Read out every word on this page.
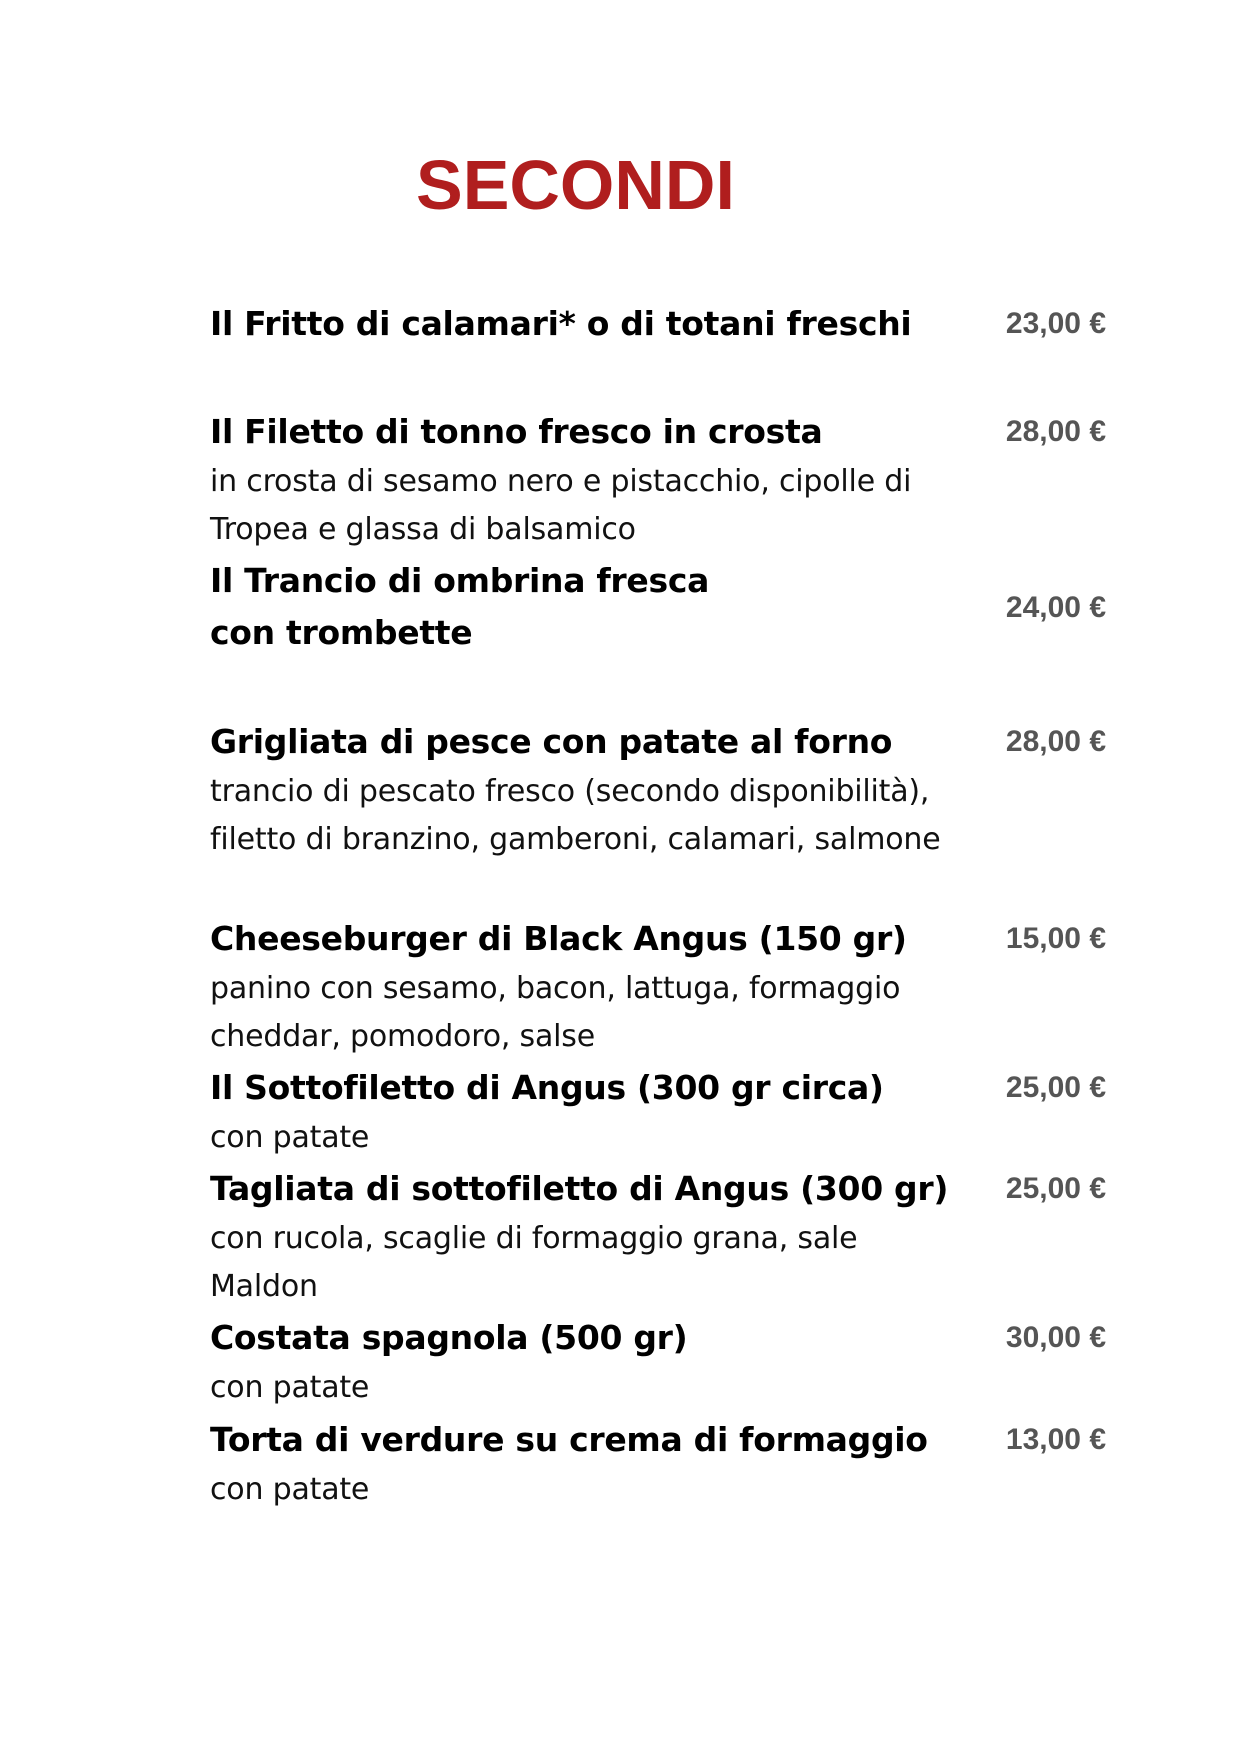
SECONDI
Il Fritto di calamari* o di totani freschi	23,00 €
Il Filetto di tonno fresco in crosta
in crosta di sesamo nero e pistacchio, cipolle di Tropea e glassa di balsamico
28,00 €
Il Trancio di ombrina fresca con trombette
24,00 €
Grigliata di pesce con patate al forno
trancio di pescato fresco (secondo disponibilità), filetto di branzino, gamberoni, calamari, salmone
28,00 €
Cheeseburger di Black Angus (150 gr)
panino con sesamo, bacon, lattuga, formaggio cheddar, pomodoro, salse
15,00 €
Il Sottofiletto di Angus (300 gr circa)
con patate
25,00 €
Tagliata di sottofiletto di Angus (300 gr)
con rucola, scaglie di formaggio grana, sale Maldon
25,00 €
Costata spagnola (500 gr)
con patate
30,00 €
Torta di verdure su crema di formaggio
con patate
13,00 €
